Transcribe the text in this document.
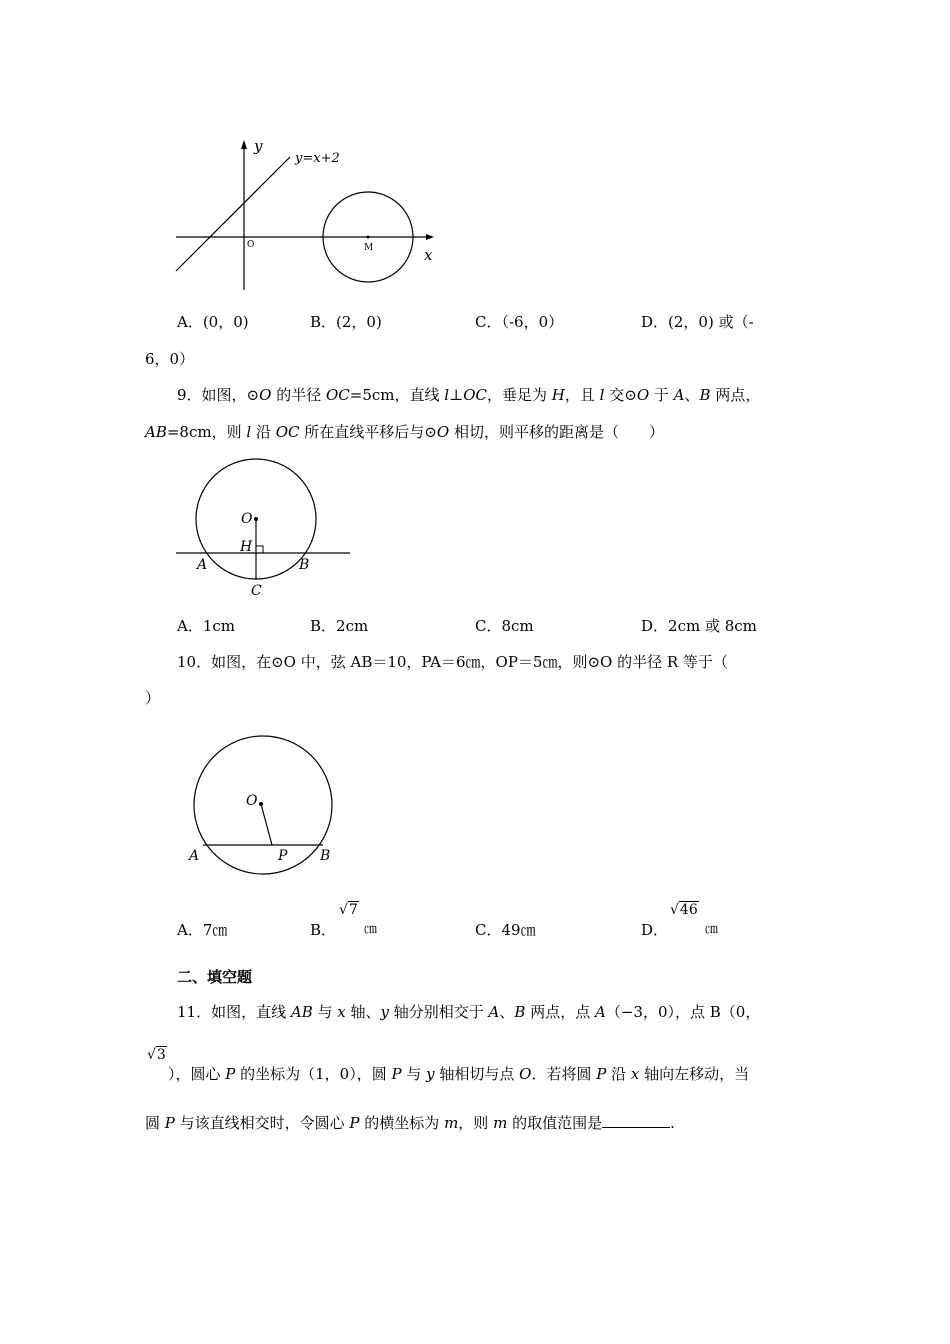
y
y=x+2
O	M	x
A．(0，0)	B．(2，0)	C．（-6，0）	D．(2，0) 或（-
6，0）
9．如图，⊙O 的半径 OC=5cm，直线 l⊥OC，垂足为 H，且 l 交⊙O 于 A、B 两点，
AB=8cm，则 l 沿 OC 所在直线平移后与⊙O 相切，则平移的距离是（　　）
O
H
A	B
C
A．1cm	B．2cm	C．8cm	D．2cm 或 8cm
10．如图，在⊙O 中，弦 AB＝10，PA＝6㎝，OP＝5㎝，则⊙O 的半径 R 等于（
）
O
A	P B
A．7㎝	B．
√7
㎝	C．49㎝	D．
√46
㎝
二、填空题
11．如图，直线 AB 与 x 轴、y 轴分别相交于 A、B 两点，点 A（−3，0），点 B（0，
√3
），圆心 P 的坐标为（1，0），圆 P 与 y 轴相切与点 O．若将圆 P 沿 x 轴向左移动，当
圆 P 与该直线相交时，令圆心 P 的横坐标为 m，则 m 的取值范围是	.
